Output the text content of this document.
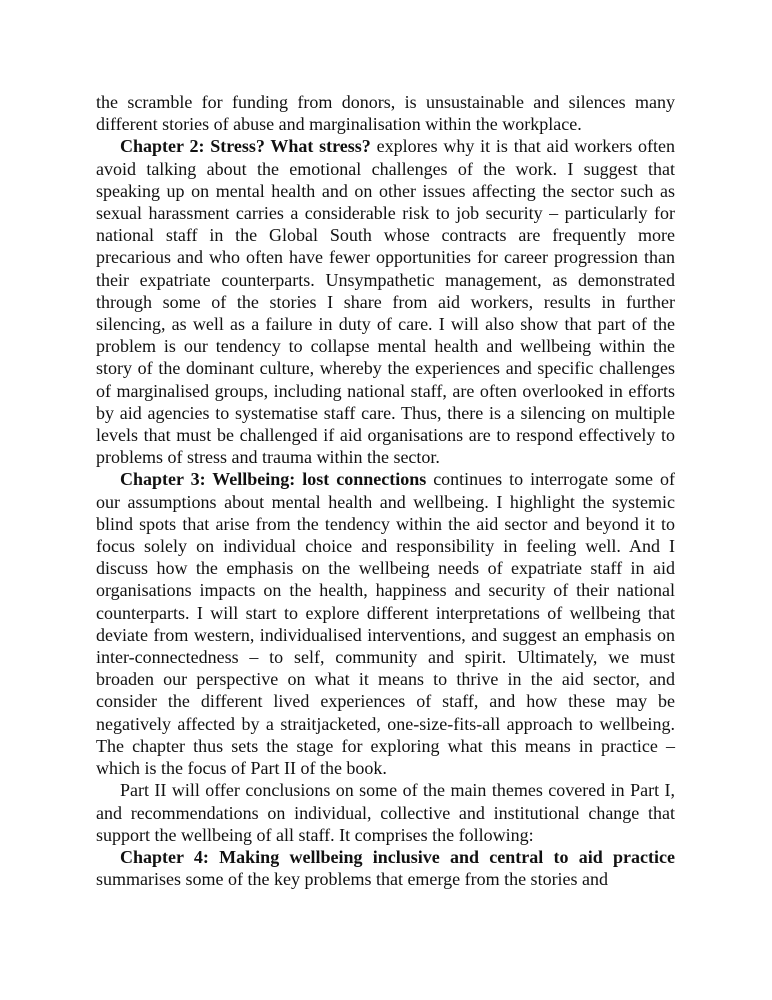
the scramble for funding from donors, is unsustainable and silences many different stories of abuse and marginalisation within the workplace.

Chapter 2: Stress? What stress? explores why it is that aid workers often avoid talking about the emotional challenges of the work. I suggest that speaking up on mental health and on other issues affecting the sector such as sexual harassment carries a considerable risk to job security – particularly for national staff in the Global South whose contracts are frequently more precarious and who often have fewer opportunities for career progression than their expatriate counterparts. Unsympathetic management, as demonstrated through some of the stories I share from aid workers, results in further silencing, as well as a failure in duty of care. I will also show that part of the problem is our tendency to collapse mental health and wellbeing within the story of the dominant culture, whereby the experiences and specific challenges of marginalised groups, including national staff, are often overlooked in efforts by aid agencies to systematise staff care. Thus, there is a silencing on multiple levels that must be challenged if aid organisations are to respond effectively to problems of stress and trauma within the sector.

Chapter 3: Wellbeing: lost connections continues to interrogate some of our assumptions about mental health and wellbeing. I highlight the systemic blind spots that arise from the tendency within the aid sector and beyond it to focus solely on individual choice and responsibility in feeling well. And I discuss how the emphasis on the wellbeing needs of expatriate staff in aid organisations impacts on the health, happiness and security of their national counterparts. I will start to explore different interpretations of wellbeing that deviate from western, individualised interventions, and suggest an emphasis on inter-connectedness – to self, community and spirit. Ultimately, we must broaden our perspective on what it means to thrive in the aid sector, and consider the different lived experiences of staff, and how these may be negatively affected by a straitjacketed, one-size-fits-all approach to wellbeing. The chapter thus sets the stage for exploring what this means in practice – which is the focus of Part II of the book.

Part II will offer conclusions on some of the main themes covered in Part I, and recommendations on individual, collective and institutional change that support the wellbeing of all staff. It comprises the following:

Chapter 4: Making wellbeing inclusive and central to aid practice summarises some of the key problems that emerge from the stories and
